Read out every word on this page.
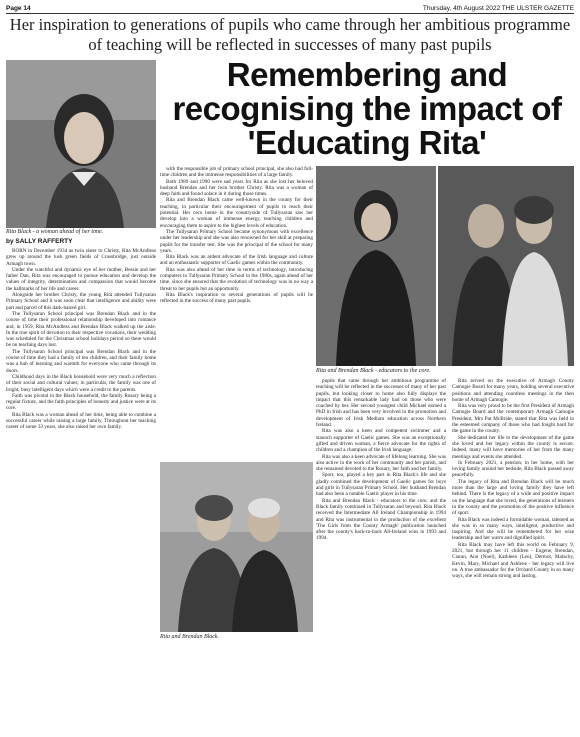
Page 14	Thursday, 4th August 2022 THE ULSTER GAZETTE
Her inspiration to generations of pupils who came through her ambitious programme of teaching will be reflected in successes of many past pupils
Rita Black - a woman ahead of her time.
Remembering and recognising the impact of 'Educating Rita'
by SALLY RAFFERTY

BORN in December 1934 as twin sister to Christy, Rita McAndless grew up around the lush green fields of Crossbridge, just outside Armagh town.

Under the watchful and dynamic eye of her mother, Bessie and her father Dan, Rita was encouraged to pursue education and develop the values of integrity, determination and compassion that would become the hallmarks of her life and career.

Alongside her brother Christy, the young Rita attended Tullysaran Primary School and it was soon clear that intelligence and ability were part and parcel of this dark-haired girl.

The Tullysaran School principal was Brendan Black and in the course of time their professional relationship developed into romance and, in 1959, Rita McAndless and Brendan Black walked up the aisle. In the true spirit of devotion to their respective vocations, their wedding was scheduled for the Christmas school holidays period so there would be no teaching days lost.

The Tullysaran School principal was Brendan Black and in the course of time they had a family of ten children, and their family home was a hub of learning and warmth for everyone who came through its doors.

Childhood days in the Black household were very much a reflection of their social and cultural values; in particular, the family was one of bright, busy intelligent days which were a credit to the parents.

Faith was pivotal in the Black household, the family Rosary being a regular fixture, and the faith principles of honesty and justice were at its core.

Rita Black was a woman ahead of her time, being able to combine a successful career while raising a large family. Throughout her teaching career of some 33 years, she also raised her own family.

with the responsible job of primary school principal, she also had full-time children and the immense responsibilities of a large family.

Both 1989 and 1990 were sad years for Rita as she lost her beloved husband Brendan and her twin brother Christy. Rita was a woman of deep faith and found solace in it during those times.

Rita and Brendan Black came well-known in the county for their teaching, in particular their encouragement of pupils to reach their potential. Her own home in the countryside of Tullysaran saw her develop into a woman of immense energy, teaching children and encouraging them to aspire to the highest levels of education.

The Tullysaran Primary School became synonymous with excellence under her leadership and she was also renowned for her skill at preparing pupils for the transfer test. She was the principal of the school for many years.

Rita Black was an ardent advocate of the Irish language and culture and an enthusiastic supporter of Gaelic games within the community.

Rita was also ahead of her time in terms of technology, introducing computers to Tullysaran Primary School in the 1980s, again ahead of her time, since she ensured that the evolution of technology was in no way a threat to her pupils but an opportunity.

Rita Black's inspiration to several generations of pupils will be reflected in the success of many past pupils.

Rita and Brendan Black - educators to the core.

pupils that came through her ambitious programme of teaching will be reflected in the successes of many of her past pupils, but looking closer to home also fully displays the impact that this remarkable lady had on those who were coached by her. Her second youngest child Michael earned a PhD in Irish and has been very involved in the promotion and development of Irish Medium education across Northern Ireland.

Rita was also a keen and competent swimmer and a staunch supporter of Gaelic games. She was an exceptionally gifted and driven woman, a fierce advocate for the rights of children and a champion of the Irish language.

Rita was also a keen advocate of lifelong learning. She was also active in the work of her community and her parish, and she remained devoted to the Rosary, her faith and her family.

Sport, too, played a key part in Rita Black's life and she gladly combined the development of Gaelic games for boys and girls in Tullysaran Primary School. Her husband Brendan had also been a notable Gaelic player in his time.

Rita and Brendan Black - educators to the core, and the Black family continued in Tullysaran and beyond. Rita Black received the Intermediate All Ireland Championship in 1994 and Rita was instrumental in the production of the excellent 'The Girls from the County Armagh' publication launched after the county's back-to-back All-Ireland wins in 1993 and 1994.

Rita served on the executive of Armagh County Camogie Board for many years, holding several executive positions and attending countless meetings in the then home of Armagh Camogie.

Rita was very proud to be the first President of Armagh Camogie Board and the contemporary Armagh Camogie President, Mrs Pat McBride, stated that Rita was held in the esteemed company of those who had fought hard for the game in the county.

She dedicated her life to the development of the game she loved and her legacy within the county is secure. Indeed, many will have memories of her from the many meetings and events she attended.

In February 2021, a pension, in her home, with her loving family around her bedside, Rita Black passed away peacefully.

The legacy of Rita and Brendan Black will be much more than the large and loving family they have left behind. There is the legacy of a wide and positive impact on the language that she loved, the generations of learners in the county and the promotion of the positive influence of sport.

Rita Black was indeed a formidable woman, talented as she was in so many ways, intelligent, productive and inspiring. And she will be remembered for her wise leadership and her warm and dignified spirit.

Rita Black may have left this world on February 9, 2021, but through her 11 children - Eugene, Brendan, Ciaran, Ann (Noel), Kathleen (Leo), Dermot, Malachy, Kevin, Mary, Michael and Ashlene - her legacy will live on. A true ambassador for the Orchard County in so many ways, she will remain strong and lasting.

Rita and Brendan Black.
